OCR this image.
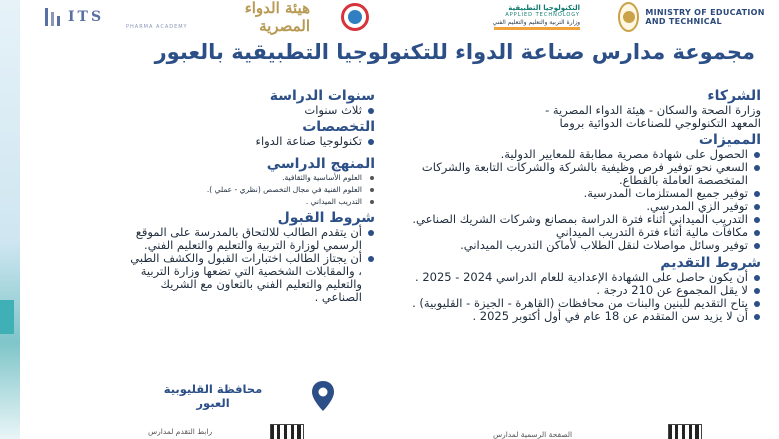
ITS
PHARMA ACADEMY
هيئة الدواء المصرية
التكنولوجيا التطبيقية
APPLIED TECHNOLOGY
وزارة التربية والتعليم والتعليم الفني
MINISTRY OF EDUCATION AND TECHNICAL
مجموعة مدارس صناعة الدواء للتكنولوجيا التطبيقية بالعبور
الشركاء
وزارة الصحة والسكان - هيئة الدواء المصرية -
المعهد التكنولوجي للصناعات الدوائية بروما
المميزات
الحصول على شهادة مصرية مطابقة للمعايير الدولية.
السعي نحو توفير فرص وظيفية بالشركة والشركات التابعة والشركات المتخصصة العاملة بالقطاع.
توفير جميع المستلزمات المدرسية.
توفير الزي المدرسي.
التدريب الميداني أثناء فترة الدراسة بمصانع وشركات الشريك الصناعي.
مكافآت مالية أثناء فترة التدريب الميداني
توفير وسائل مواصلات لنقل الطلاب لأماكن التدريب الميداني.
شروط التقديم
أن يكون حاصل على الشهادة الإعدادية للعام الدراسي 2024 - 2025 .
لا يقل المجموع عن 210 درجة .
يتاح التقديم للبنين والبنات من محافظات (القاهرة - الجيزة - القليوبية) .
أن لا يزيد سن المتقدم عن 18 عام في أول أكتوبر 2025 .
سنوات الدراسة
ثلاث سنوات
التخصصات
تكنولوجيا صناعة الدواء
المنهج الدراسي
العلوم الأساسية والثقافية.
العلوم الفنية في مجال التخصص (نظري - عملي ).
التدريب الميداني .
شروط القبول
أن يتقدم الطالب للالتحاق بالمدرسة على الموقع الرسمي لوزارة التربية والتعليم والتعليم الفني.
أن يجتاز الطالب اختبارات القبول والكشف الطبي ، والمقابلات الشخصية التي تضعها وزارة التربية والتعليم والتعليم الفني بالتعاون مع الشريك الصناعي .
محافظة القليوبية
العبور
رابط التقدم لمدارس	الصفحة الرسمية لمدارس
